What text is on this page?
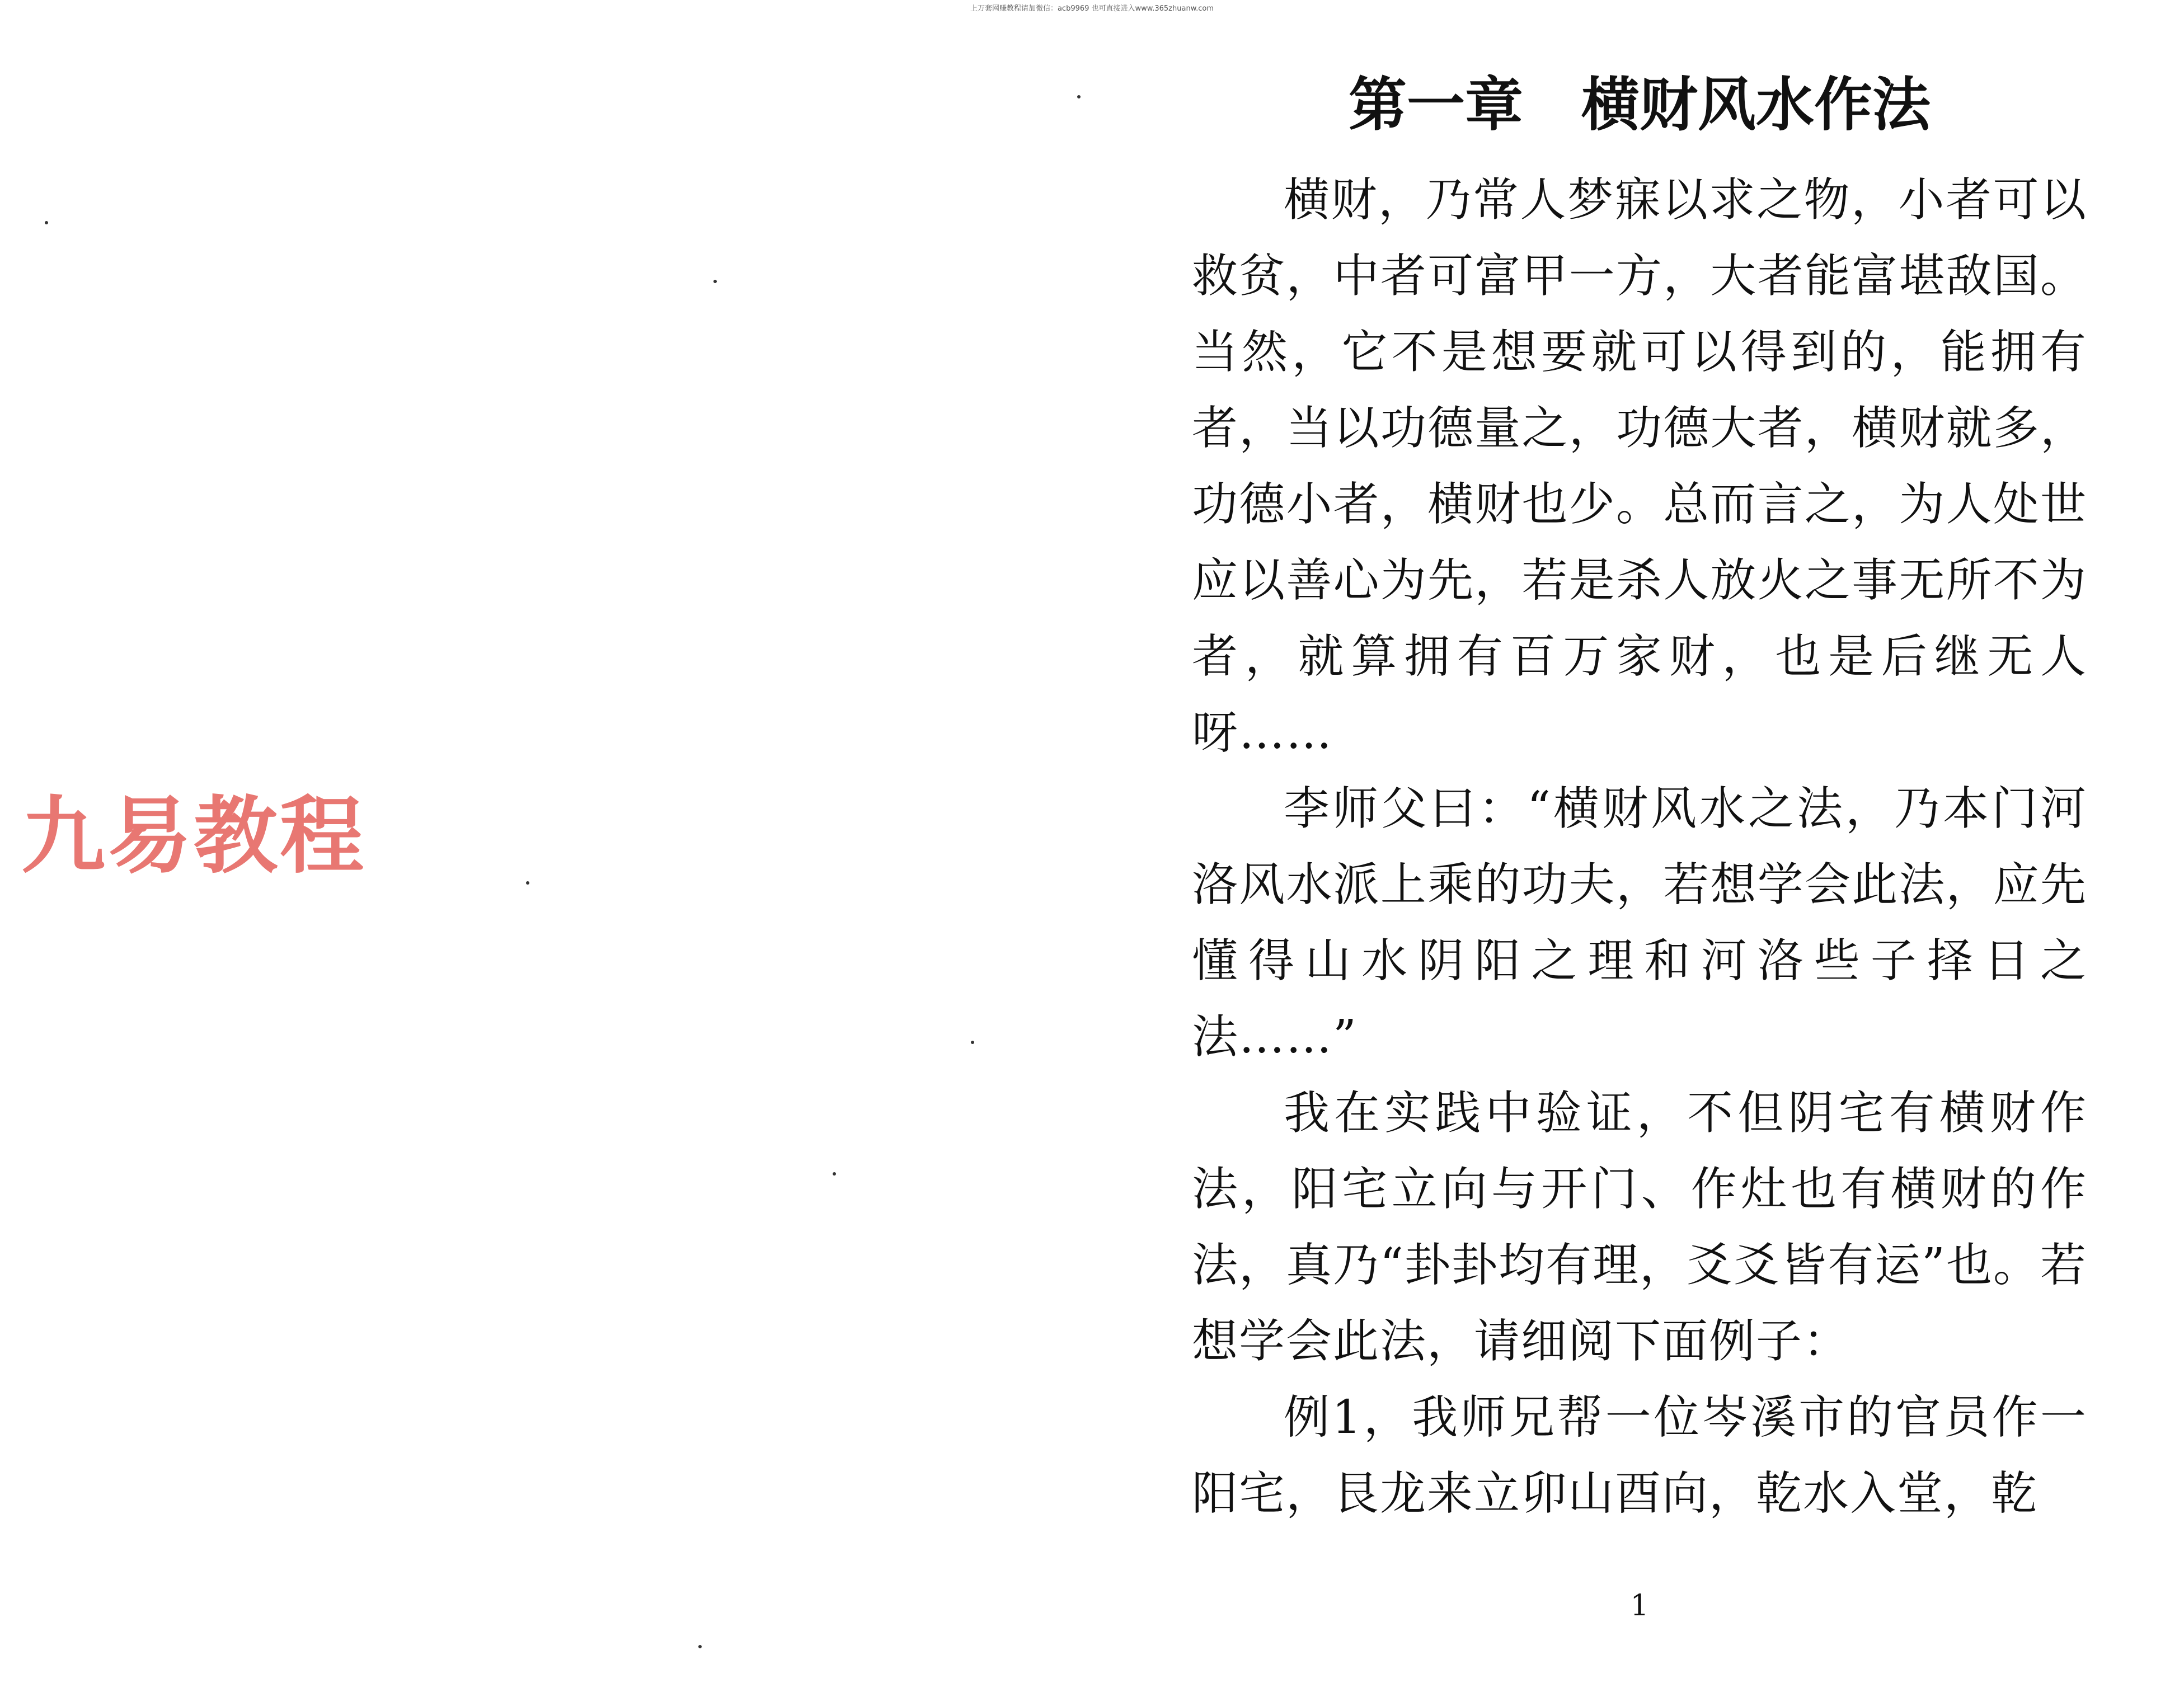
上万套网赚教程请加微信：acb9969 也可直接进入www.365zhuanw.com
九易教程
第一章　横财风水作法

横财，乃常人梦寐以求之物，小者可以救贫，中者可富甲一方，大者能富堪敌国。当然，它不是想要就可以得到的，能拥有者，当以功德量之，功德大者，横财就多，功德小者，横财也少。总而言之，为人处世应以善心为先，若是杀人放火之事无所不为者，就算拥有百万家财，也是后继无人呀……

李师父曰：“横财风水之法，乃本门河洛风水派上乘的功夫，若想学会此法，应先懂得山水阴阳之理和河洛些子择日之法……”

我在实践中验证，不但阴宅有横财作法，阳宅立向与开门、作灶也有横财的作法，真乃“卦卦均有理，爻爻皆有运”也。若想学会此法，请细阅下面例子：

例1，我师兄帮一位岑溪市的官员作一阳宅，艮龙来立卯山酉向，乾水入堂，乾

1
